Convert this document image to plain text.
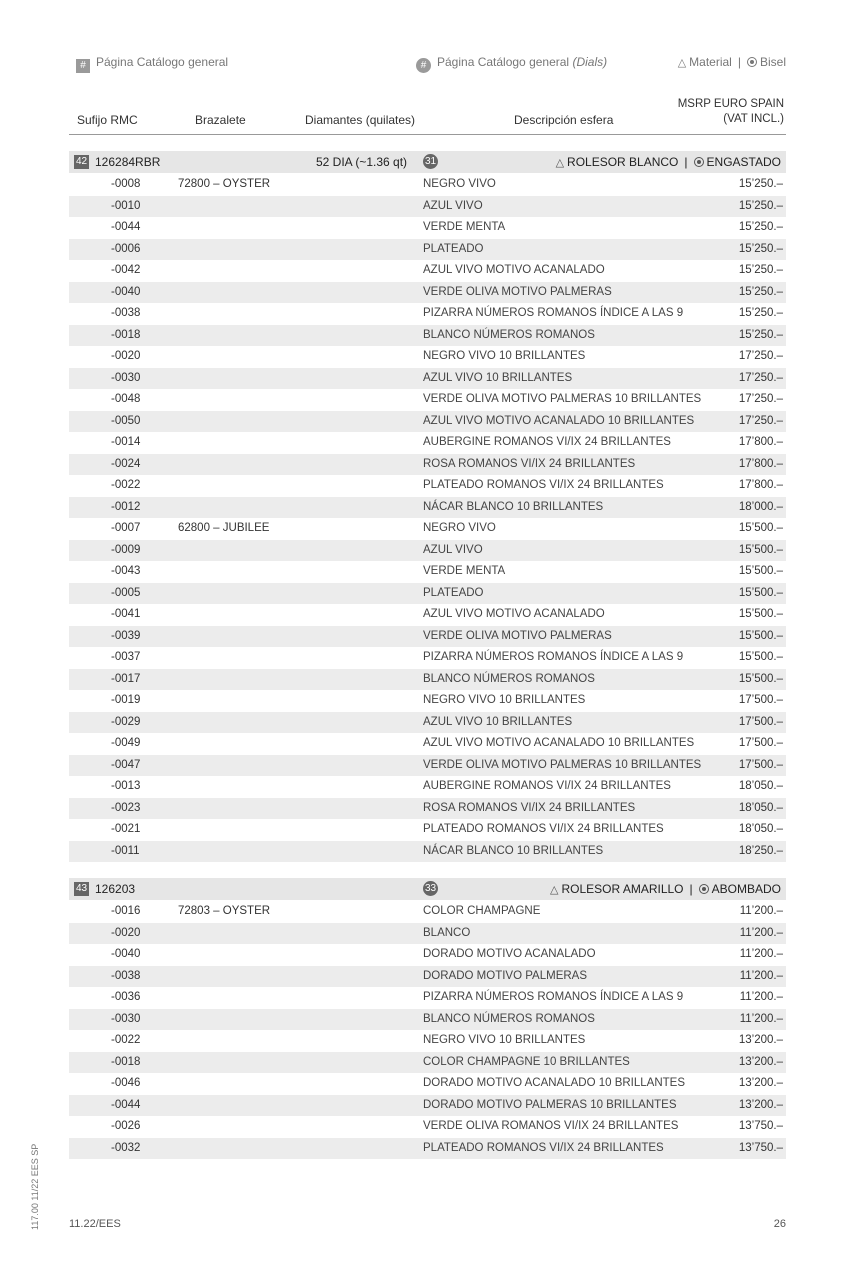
# Página Catálogo general	# Página Catálogo general (Dials)	△ Material | Bisel
Sufijo RMC	Brazalete	Diamantes (quilates)	Descripción esfera
MSRP EURO SPAIN
(VAT INCL.)
42 126284RBR	52 DIA (~1.36 qt) 31	△ ROLESOR BLANCO | ENGASTADO
-0008	72800 – OYSTER	NEGRO VIVO	15’250.–
-0010	AZUL VIVO	15’250.–
-0044	VERDE MENTA	15’250.–
-0006	PLATEADO	15’250.–
-0042	AZUL VIVO MOTIVO ACANALADO	15’250.–
-0040	VERDE OLIVA MOTIVO PALMERAS	15’250.–
-0038	PIZARRA NÚMEROS ROMANOS ÍNDICE A LAS 9	15’250.–
-0018	BLANCO NÚMEROS ROMANOS	15’250.–
-0020	NEGRO VIVO 10 BRILLANTES	17’250.–
-0030	AZUL VIVO 10 BRILLANTES	17’250.–
-0048	VERDE OLIVA MOTIVO PALMERAS 10 BRILLANTES	17’250.–
-0050	AZUL VIVO MOTIVO ACANALADO 10 BRILLANTES	17’250.–
-0014	AUBERGINE ROMANOS VI/IX 24 BRILLANTES	17’800.–
-0024	ROSA ROMANOS VI/IX 24 BRILLANTES	17’800.–
-0022	PLATEADO ROMANOS VI/IX 24 BRILLANTES	17’800.–
-0012	NÁCAR BLANCO 10 BRILLANTES	18’000.–
-0007	62800 – JUBILEE	NEGRO VIVO	15’500.–
-0009	AZUL VIVO	15’500.–
-0043	VERDE MENTA	15’500.–
-0005	PLATEADO	15’500.–
-0041	AZUL VIVO MOTIVO ACANALADO	15’500.–
-0039	VERDE OLIVA MOTIVO PALMERAS	15’500.–
-0037	PIZARRA NÚMEROS ROMANOS ÍNDICE A LAS 9	15’500.–
-0017	BLANCO NÚMEROS ROMANOS	15’500.–
-0019	NEGRO VIVO 10 BRILLANTES	17’500.–
-0029	AZUL VIVO 10 BRILLANTES	17’500.–
-0049	AZUL VIVO MOTIVO ACANALADO 10 BRILLANTES	17’500.–
-0047	VERDE OLIVA MOTIVO PALMERAS 10 BRILLANTES	17’500.–
-0013	AUBERGINE ROMANOS VI/IX 24 BRILLANTES	18’050.–
-0023	ROSA ROMANOS VI/IX 24 BRILLANTES	18’050.–
-0021	PLATEADO ROMANOS VI/IX 24 BRILLANTES	18’050.–
-0011	NÁCAR BLANCO 10 BRILLANTES	18’250.–
43 126203	33	△ ROLESOR AMARILLO | ABOMBADO
-0016	72803 – OYSTER	COLOR CHAMPAGNE	11’200.–
-0020	BLANCO	11’200.–
-0040	DORADO MOTIVO ACANALADO	11’200.–
-0038	DORADO MOTIVO PALMERAS	11’200.–
-0036	PIZARRA NÚMEROS ROMANOS ÍNDICE A LAS 9	11’200.–
-0030	BLANCO NÚMEROS ROMANOS	11’200.–
-0022	NEGRO VIVO 10 BRILLANTES	13’200.–
-0018	COLOR CHAMPAGNE 10 BRILLANTES	13’200.–
-0046	DORADO MOTIVO ACANALADO 10 BRILLANTES	13’200.–
-0044	DORADO MOTIVO PALMERAS 10 BRILLANTES	13’200.–
-0026	VERDE OLIVA ROMANOS VI/IX 24 BRILLANTES	13’750.–
-0032	PLATEADO ROMANOS VI/IX 24 BRILLANTES	13’750.–
117.00 11/22 EES SP	11.22/EES	26
